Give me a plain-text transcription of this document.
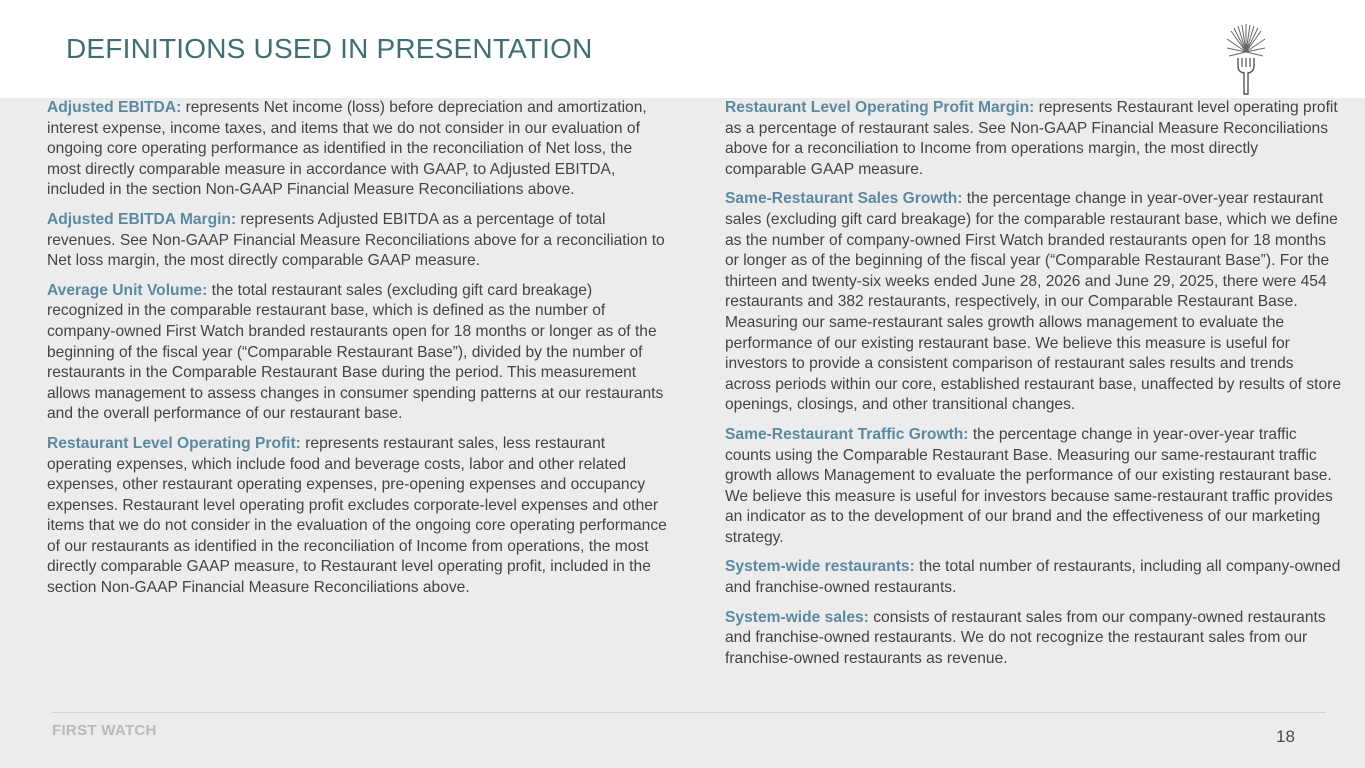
DEFINITIONS USED IN PRESENTATION

Adjusted EBITDA: represents Net income (loss) before depreciation and amortization, interest expense, income taxes, and items that we do not consider in our evaluation of ongoing core operating performance as identified in the reconciliation of Net loss, the most directly comparable measure in accordance with GAAP, to Adjusted EBITDA, included in the section Non-GAAP Financial Measure Reconciliations above.

Adjusted EBITDA Margin: represents Adjusted EBITDA as a percentage of total revenues. See Non-GAAP Financial Measure Reconciliations above for a reconciliation to Net loss margin, the most directly comparable GAAP measure.

Average Unit Volume: the total restaurant sales (excluding gift card breakage) recognized in the comparable restaurant base, which is defined as the number of company-owned First Watch branded restaurants open for 18 months or longer as of the beginning of the fiscal year (“Comparable Restaurant Base”), divided by the number of restaurants in the Comparable Restaurant Base during the period. This measurement allows management to assess changes in consumer spending patterns at our restaurants and the overall performance of our restaurant base.

Restaurant Level Operating Profit: represents restaurant sales, less restaurant operating expenses, which include food and beverage costs, labor and other related expenses, other restaurant operating expenses, pre-opening expenses and occupancy expenses. Restaurant level operating profit excludes corporate-level expenses and other items that we do not consider in the evaluation of the ongoing core operating performance of our restaurants as identified in the reconciliation of Income from operations, the most directly comparable GAAP measure, to Restaurant level operating profit, included in the section Non-GAAP Financial Measure Reconciliations above.

Restaurant Level Operating Profit Margin: represents Restaurant level operating profit as a percentage of restaurant sales. See Non-GAAP Financial Measure Reconciliations above for a reconciliation to Income from operations margin, the most directly comparable GAAP measure.

Same-Restaurant Sales Growth: the percentage change in year-over-year restaurant sales (excluding gift card breakage) for the comparable restaurant base, which we define as the number of company-owned First Watch branded restaurants open for 18 months or longer as of the beginning of the fiscal year (“Comparable Restaurant Base”). For the thirteen and twenty-six weeks ended June 28, 2026 and June 29, 2025, there were 454 restaurants and 382 restaurants, respectively, in our Comparable Restaurant Base. Measuring our same-restaurant sales growth allows management to evaluate the performance of our existing restaurant base. We believe this measure is useful for investors to provide a consistent comparison of restaurant sales results and trends across periods within our core, established restaurant base, unaffected by results of store openings, closings, and other transitional changes.

Same-Restaurant Traffic Growth: the percentage change in year-over-year traffic counts using the Comparable Restaurant Base. Measuring our same-restaurant traffic growth allows Management to evaluate the performance of our existing restaurant base. We believe this measure is useful for investors because same-restaurant traffic provides an indicator as to the development of our brand and the effectiveness of our marketing strategy.

System-wide restaurants: the total number of restaurants, including all company-owned and franchise-owned restaurants.

System-wide sales: consists of restaurant sales from our company-owned restaurants and franchise-owned restaurants. We do not recognize the restaurant sales from our franchise-owned restaurants as revenue.

FIRST WATCH	18
